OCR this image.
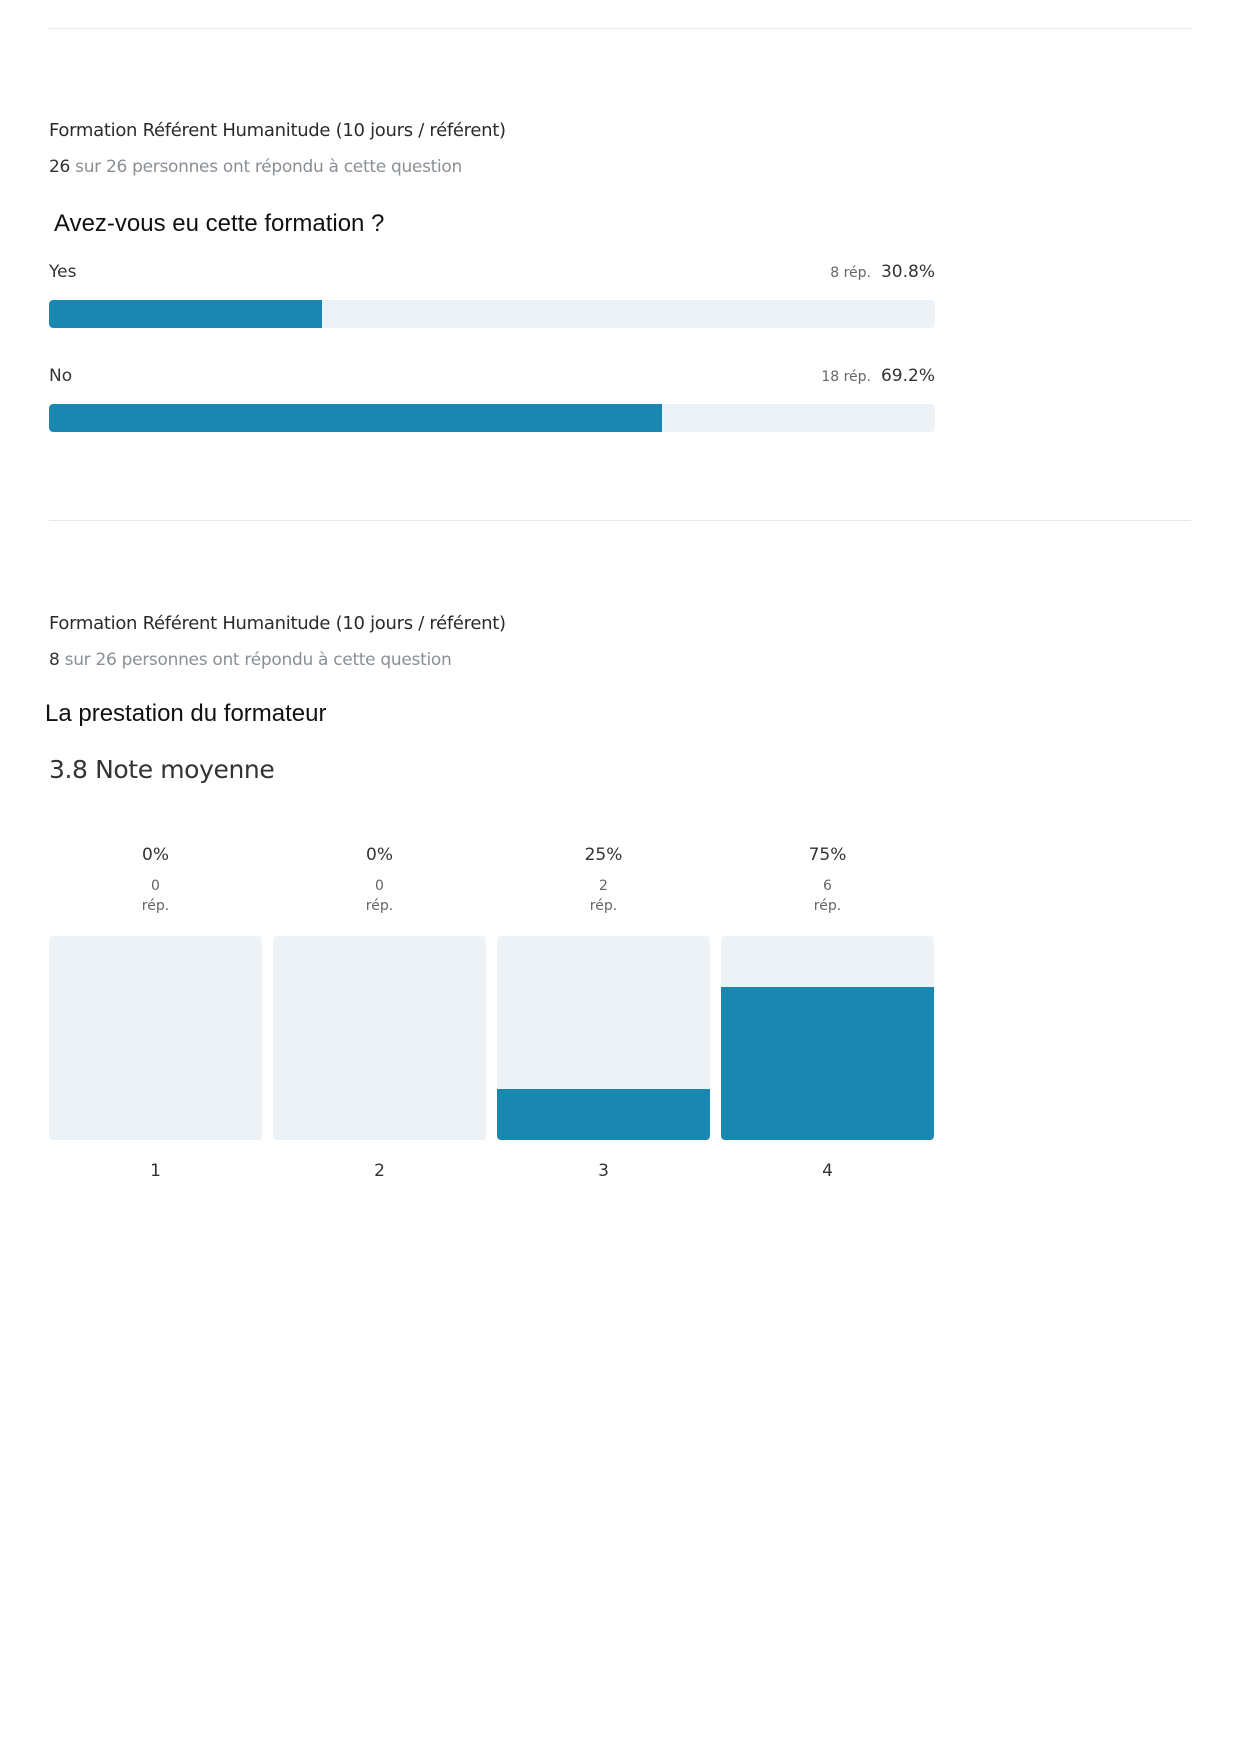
Formation Référent Humanitude (10 jours / référent)
26 sur 26 personnes ont répondu à cette question
Avez-vous eu cette formation ?
Yes	8 rép. 30.8%
No	18 rép. 69.2%
Formation Référent Humanitude (10 jours / référent)
8 sur 26 personnes ont répondu à cette question
La prestation du formateur
3.8 Note moyenne
0%
0
rép.
1
0%
0
rép.
2
25%
2
rép.
3
75%
6
rép.
4
